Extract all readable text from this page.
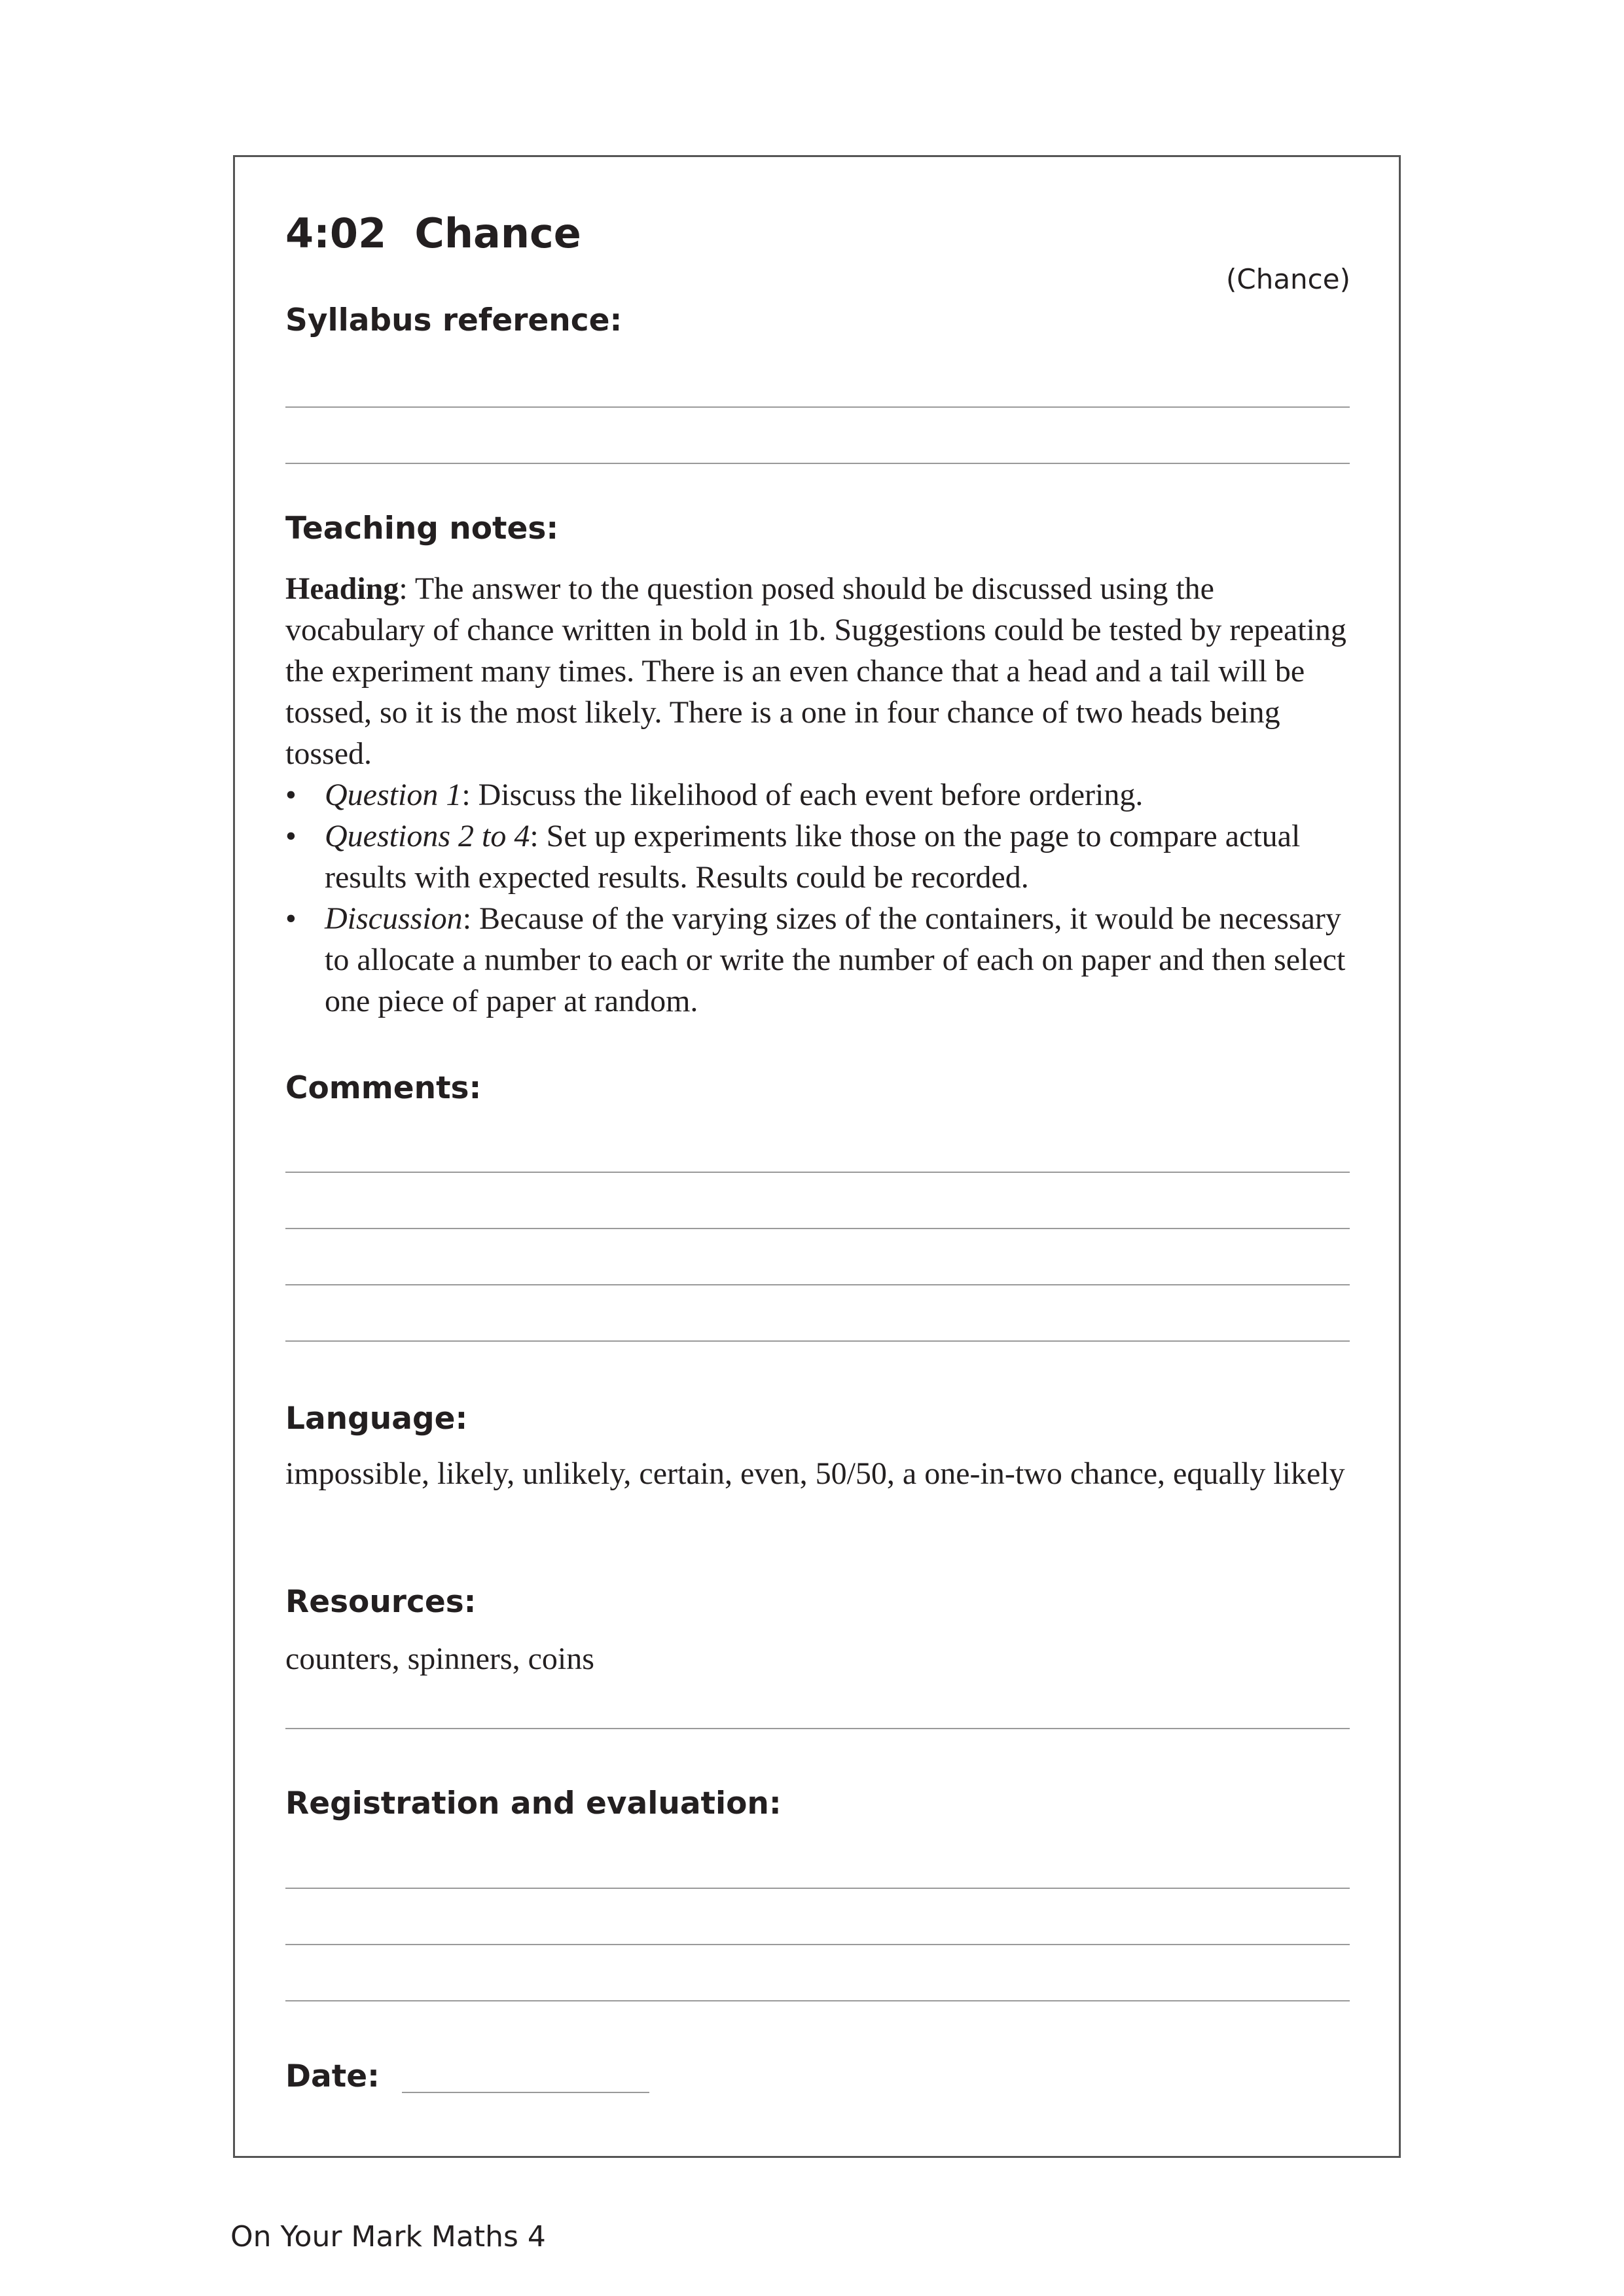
4:02  Chance
(Chance)
Syllabus reference:
Teaching notes:

Heading: The answer to the question posed should be discussed using the vocabulary of chance written in bold in 1b. Suggestions could be tested by repeating the experiment many times. There is an even chance that a head and a tail will be tossed, so it is the most likely. There is a one in four chance of two heads being tossed.

• Question 1: Discuss the likelihood of each event before ordering.
• Questions 2 to 4: Set up experiments like those on the page to compare actual results with expected results. Results could be recorded.
• Discussion: Because of the varying sizes of the containers, it would be necessary to allocate a number to each or write the number of each on paper and then select one piece of paper at random.
Comments:
Language:
impossible, likely, unlikely, certain, even, 50/50, a one-in-two chance, equally likely
Resources:
counters, spinners, coins
Registration and evaluation:
Date:
On Your Mark Maths 4
